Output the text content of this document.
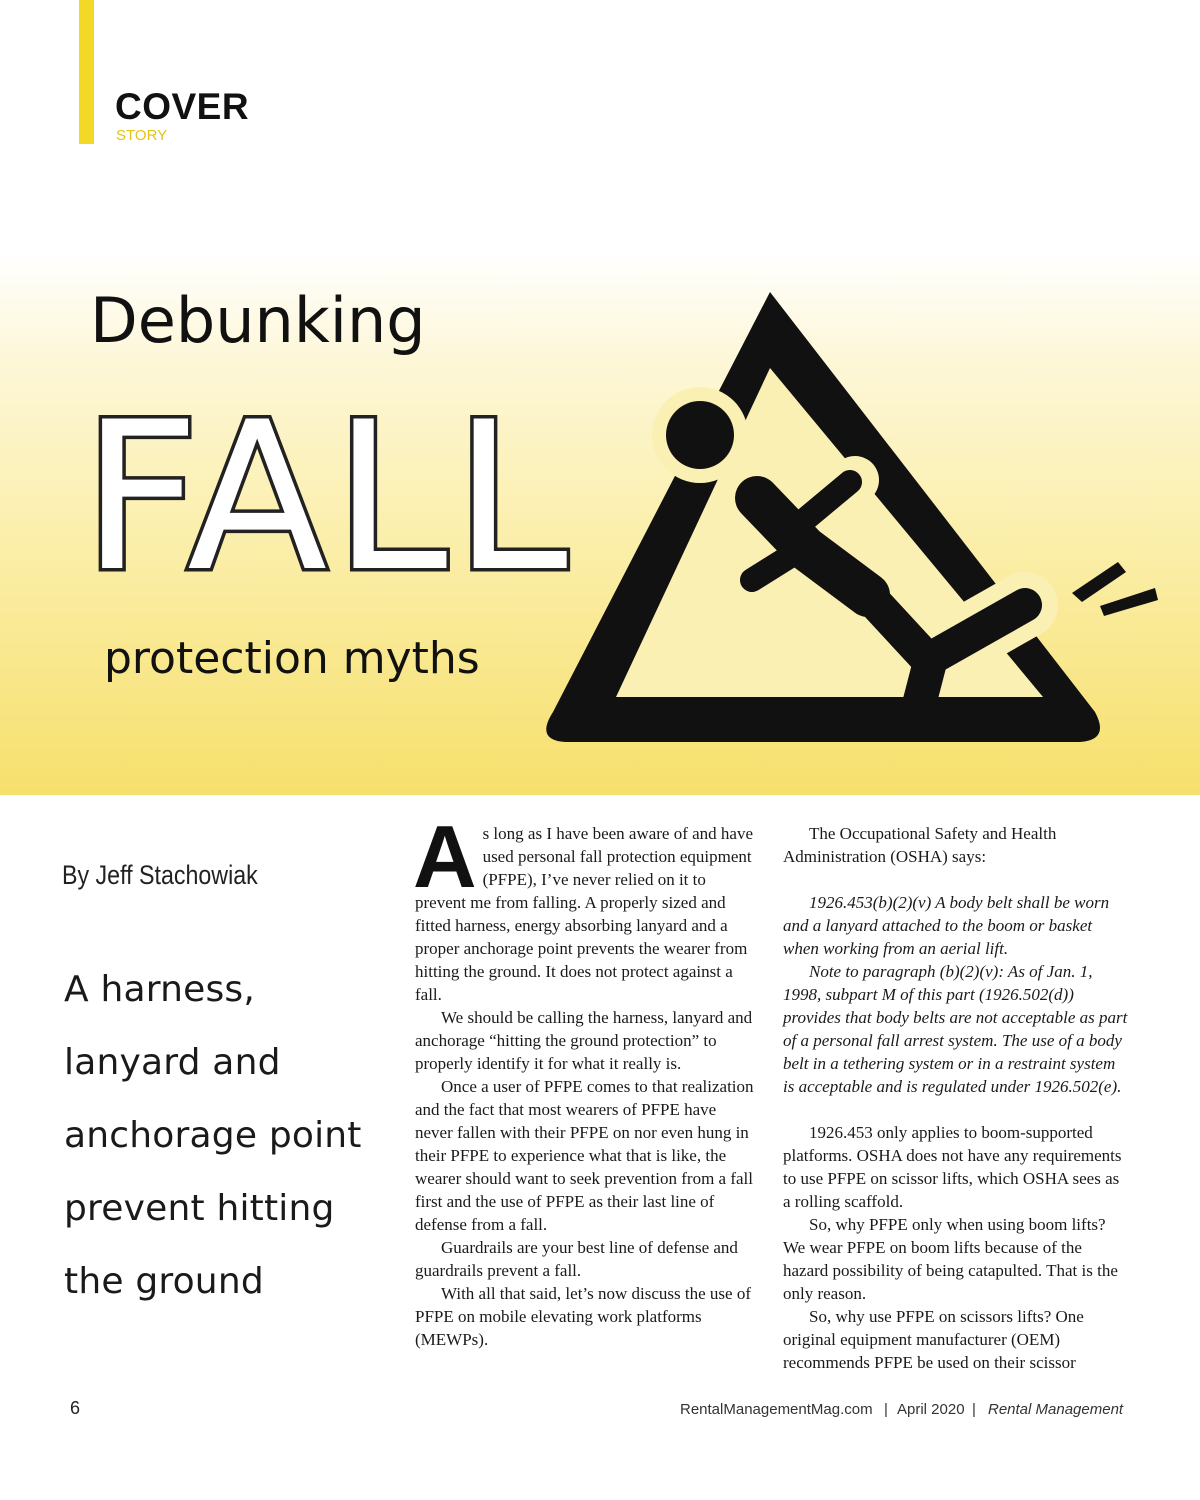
COVER
STORY
Debunking
FALL
protection myths
By Jeff Stachowiak
A harness, lanyard and anchorage point prevent hitting the ground

As long as I have been aware of and have used personal fall protection equipment (PFPE), I’ve never relied on it to prevent me from falling. A properly sized and fitted harness, energy absorbing lanyard and a proper anchorage point prevents the wearer from hitting the ground. It does not protect against a fall.

We should be calling the harness, lanyard and anchorage “hitting the ground protection” to properly identify it for what it really is.

Once a user of PFPE comes to that realization and the fact that most wearers of PFPE have never fallen with their PFPE on nor even hung in their PFPE to experience what that is like, the wearer should want to seek prevention from a fall first and the use of PFPE as their last line of defense from a fall.

Guardrails are your best line of defense and guardrails prevent a fall.

With all that said, let’s now discuss the use of PFPE on mobile elevating work platforms (MEWPs).

The Occupational Safety and Health Administration (OSHA) says:

1926.453(b)(2)(v) A body belt shall be worn and a lanyard attached to the boom or basket when working from an aerial lift.

Note to paragraph (b)(2)(v): As of Jan. 1, 1998, subpart M of this part (1926.502(d)) provides that body belts are not acceptable as part of a personal fall arrest system. The use of a body belt in a tethering system or in a restraint system is acceptable and is regulated under 1926.502(e).

1926.453 only applies to boom-supported platforms. OSHA does not have any requirements to use PFPE on scissor lifts, which OSHA sees as a rolling scaffold.

So, why PFPE only when using boom lifts? We wear PFPE on boom lifts because of the hazard possibility of being catapulted. That is the only reason.

So, why use PFPE on scissors lifts? One original equipment manufacturer (OEM) recommends PFPE be used on their scissor

6	RentalManagementMag.com | April 2020 | Rental Management
